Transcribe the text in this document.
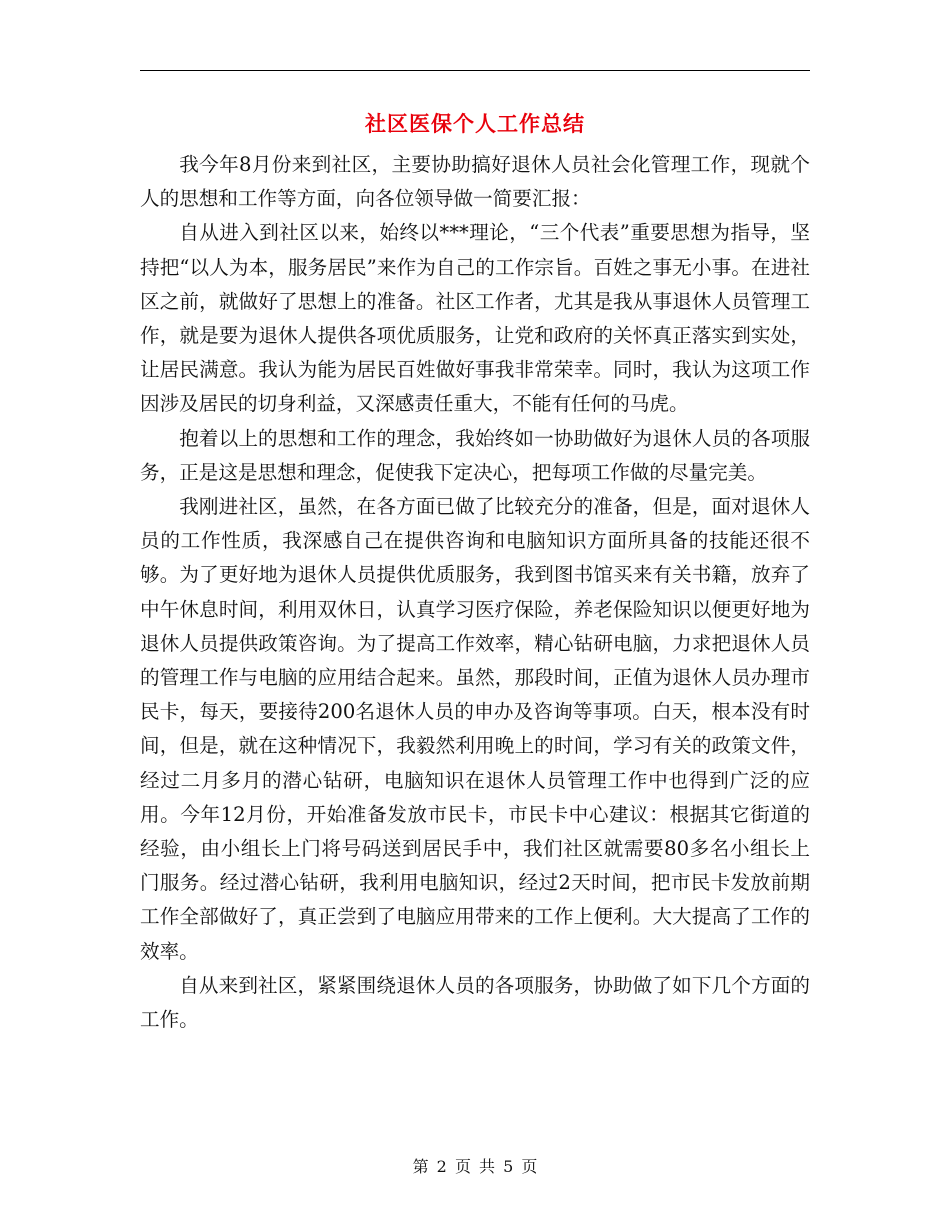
社区医保个人工作总结

我今年8月份来到社区，主要协助搞好退休人员社会化管理工作，现就个人的思想和工作等方面，向各位领导做一简要汇报：

自从进入到社区以来，始终以***理论，“三个代表”重要思想为指导，坚持把“以人为本，服务居民”来作为自己的工作宗旨。百姓之事无小事。在进社区之前，就做好了思想上的准备。社区工作者，尤其是我从事退休人员管理工作，就是要为退休人提供各项优质服务，让党和政府的关怀真正落实到实处，让居民满意。我认为能为居民百姓做好事我非常荣幸。同时，我认为这项工作因涉及居民的切身利益，又深感责任重大，不能有任何的马虎。

抱着以上的思想和工作的理念，我始终如一协助做好为退休人员的各项服务，正是这是思想和理念，促使我下定决心，把每项工作做的尽量完美。

我刚进社区，虽然，在各方面已做了比较充分的准备，但是，面对退休人员的工作性质，我深感自己在提供咨询和电脑知识方面所具备的技能还很不够。为了更好地为退休人员提供优质服务，我到图书馆买来有关书籍，放弃了中午休息时间，利用双休日，认真学习医疗保险，养老保险知识以便更好地为退休人员提供政策咨询。为了提高工作效率，精心钻研电脑，力求把退休人员的管理工作与电脑的应用结合起来。虽然，那段时间，正值为退休人员办理市民卡，每天，要接待200名退休人员的申办及咨询等事项。白天，根本没有时间，但是，就在这种情况下，我毅然利用晚上的时间，学习有关的政策文件，经过二月多月的潜心钻研，电脑知识在退休人员管理工作中也得到广泛的应用。今年12月份，开始准备发放市民卡，市民卡中心建议：根据其它街道的经验，由小组长上门将号码送到居民手中，我们社区就需要80多名小组长上门服务。经过潜心钻研，我利用电脑知识，经过2天时间，把市民卡发放前期工作全部做好了，真正尝到了电脑应用带来的工作上便利。大大提高了工作的效率。

自从来到社区，紧紧围绕退休人员的各项服务，协助做了如下几个方面的工作。

第 2 页 共 5 页
